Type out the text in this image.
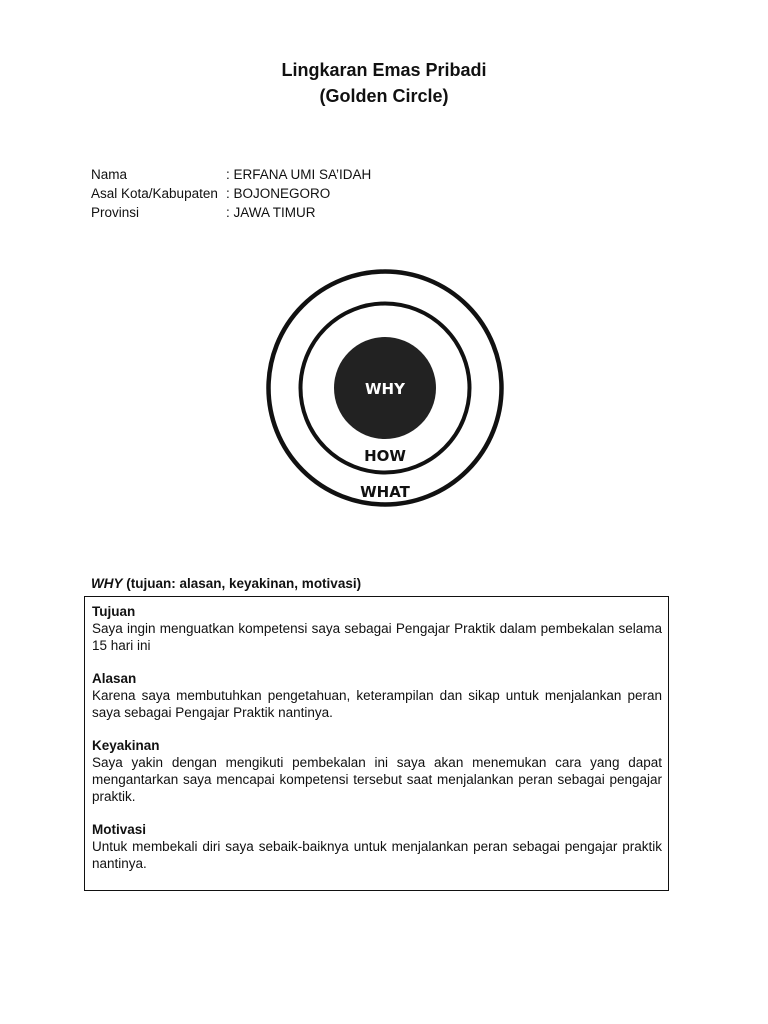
Lingkaran Emas Pribadi
(Golden Circle)
Nama	: ERFANA UMI SA’IDAH
Asal Kota/Kabupaten : BOJONEGORO
Provinsi	: JAWA TIMUR
WHY
HOW
WHAT
WHY (tujuan: alasan, keyakinan, motivasi)
Tujuan
Saya ingin menguatkan kompetensi saya sebagai Pengajar Praktik dalam pembekalan selama 15 hari ini
Alasan
Karena saya membutuhkan pengetahuan, keterampilan dan sikap untuk menjalankan peran saya sebagai Pengajar Praktik nantinya.
Keyakinan
Saya yakin dengan mengikuti pembekalan ini saya akan menemukan cara yang dapat mengantarkan saya mencapai kompetensi tersebut saat menjalankan peran sebagai pengajar praktik.
Motivasi
Untuk membekali diri saya sebaik-baiknya untuk menjalankan peran sebagai pengajar praktik nantinya.
